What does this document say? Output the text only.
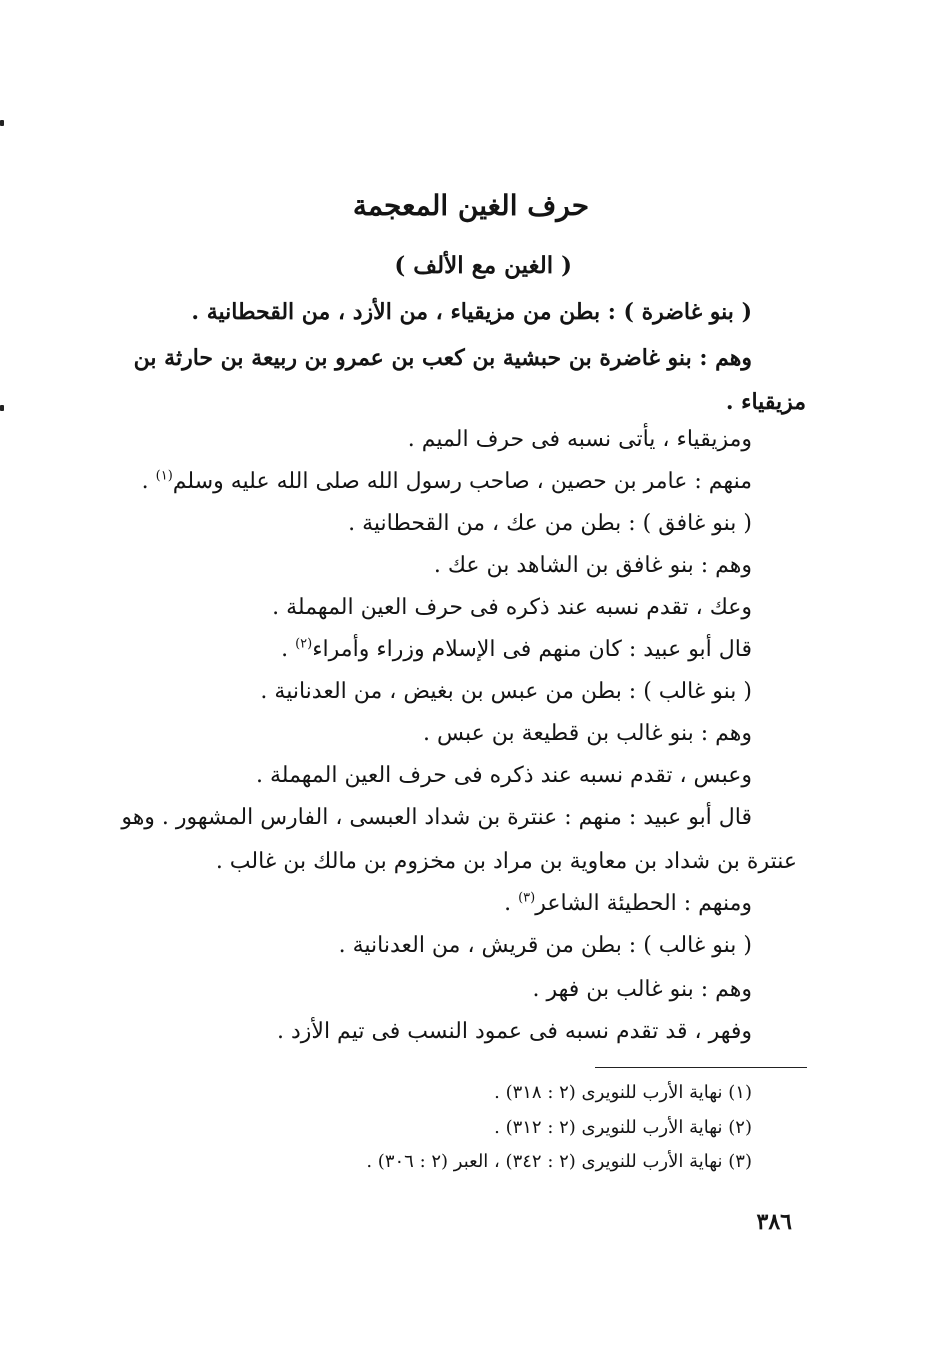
حرف الغين المعجمة
( الغين مع الألف )
( بنو غاضرة ) : بطن من مزيقياء ، من الأزد ، من القحطانية .
وهم : بنو غاضرة بن حبشية بن كعب بن عمرو بن ربيعة بن حارثة بن
مزيقياء .
ومزيقياء ، يأتى نسبه فى حرف الميم .
منهم : عامر بن حصين ، صاحب رسول الله صلى الله عليه وسلم$^{(١)}$ .
( بنو غافق ) : بطن من عك ، من القحطانية .
وهم : بنو غافق بن الشاهد بن عك .
وعك ، تقدم نسبه عند ذكره فى حرف العين المهملة .
قال أبو عبيد : كان منهم فى الإسلام وزراء وأمراء$^{(٢)}$ .
( بنو غالب ) : بطن من عبس بن بغيض ، من العدنانية .
وهم : بنو غالب بن قطيعة بن عبس .
وعبس ، تقدم نسبه عند ذكره فى حرف العين المهملة .
قال أبو عبيد : منهم : عنترة بن شداد العبسى ، الفارس المشهور . وهو
عنترة بن شداد بن معاوية بن مراد بن مخزوم بن مالك بن غالب .
ومنهم : الحطيئة الشاعر$^{(٣)}$ .
( بنو غالب ) : بطن من قريش ، من العدنانية .
وهم : بنو غالب بن فهر .
وفهر ، قد تقدم نسبه فى عمود النسب فى تيم الأزد .
(١) نهاية الأرب للنويرى (٢ : ٣١٨) .
(٢) نهاية الأرب للنويرى (٢ : ٣١٢) .
(٣) نهاية الأرب للنويرى (٢ : ٣٤٢) ، العبر (٢ : ٣٠٦) .
٣٨٦
